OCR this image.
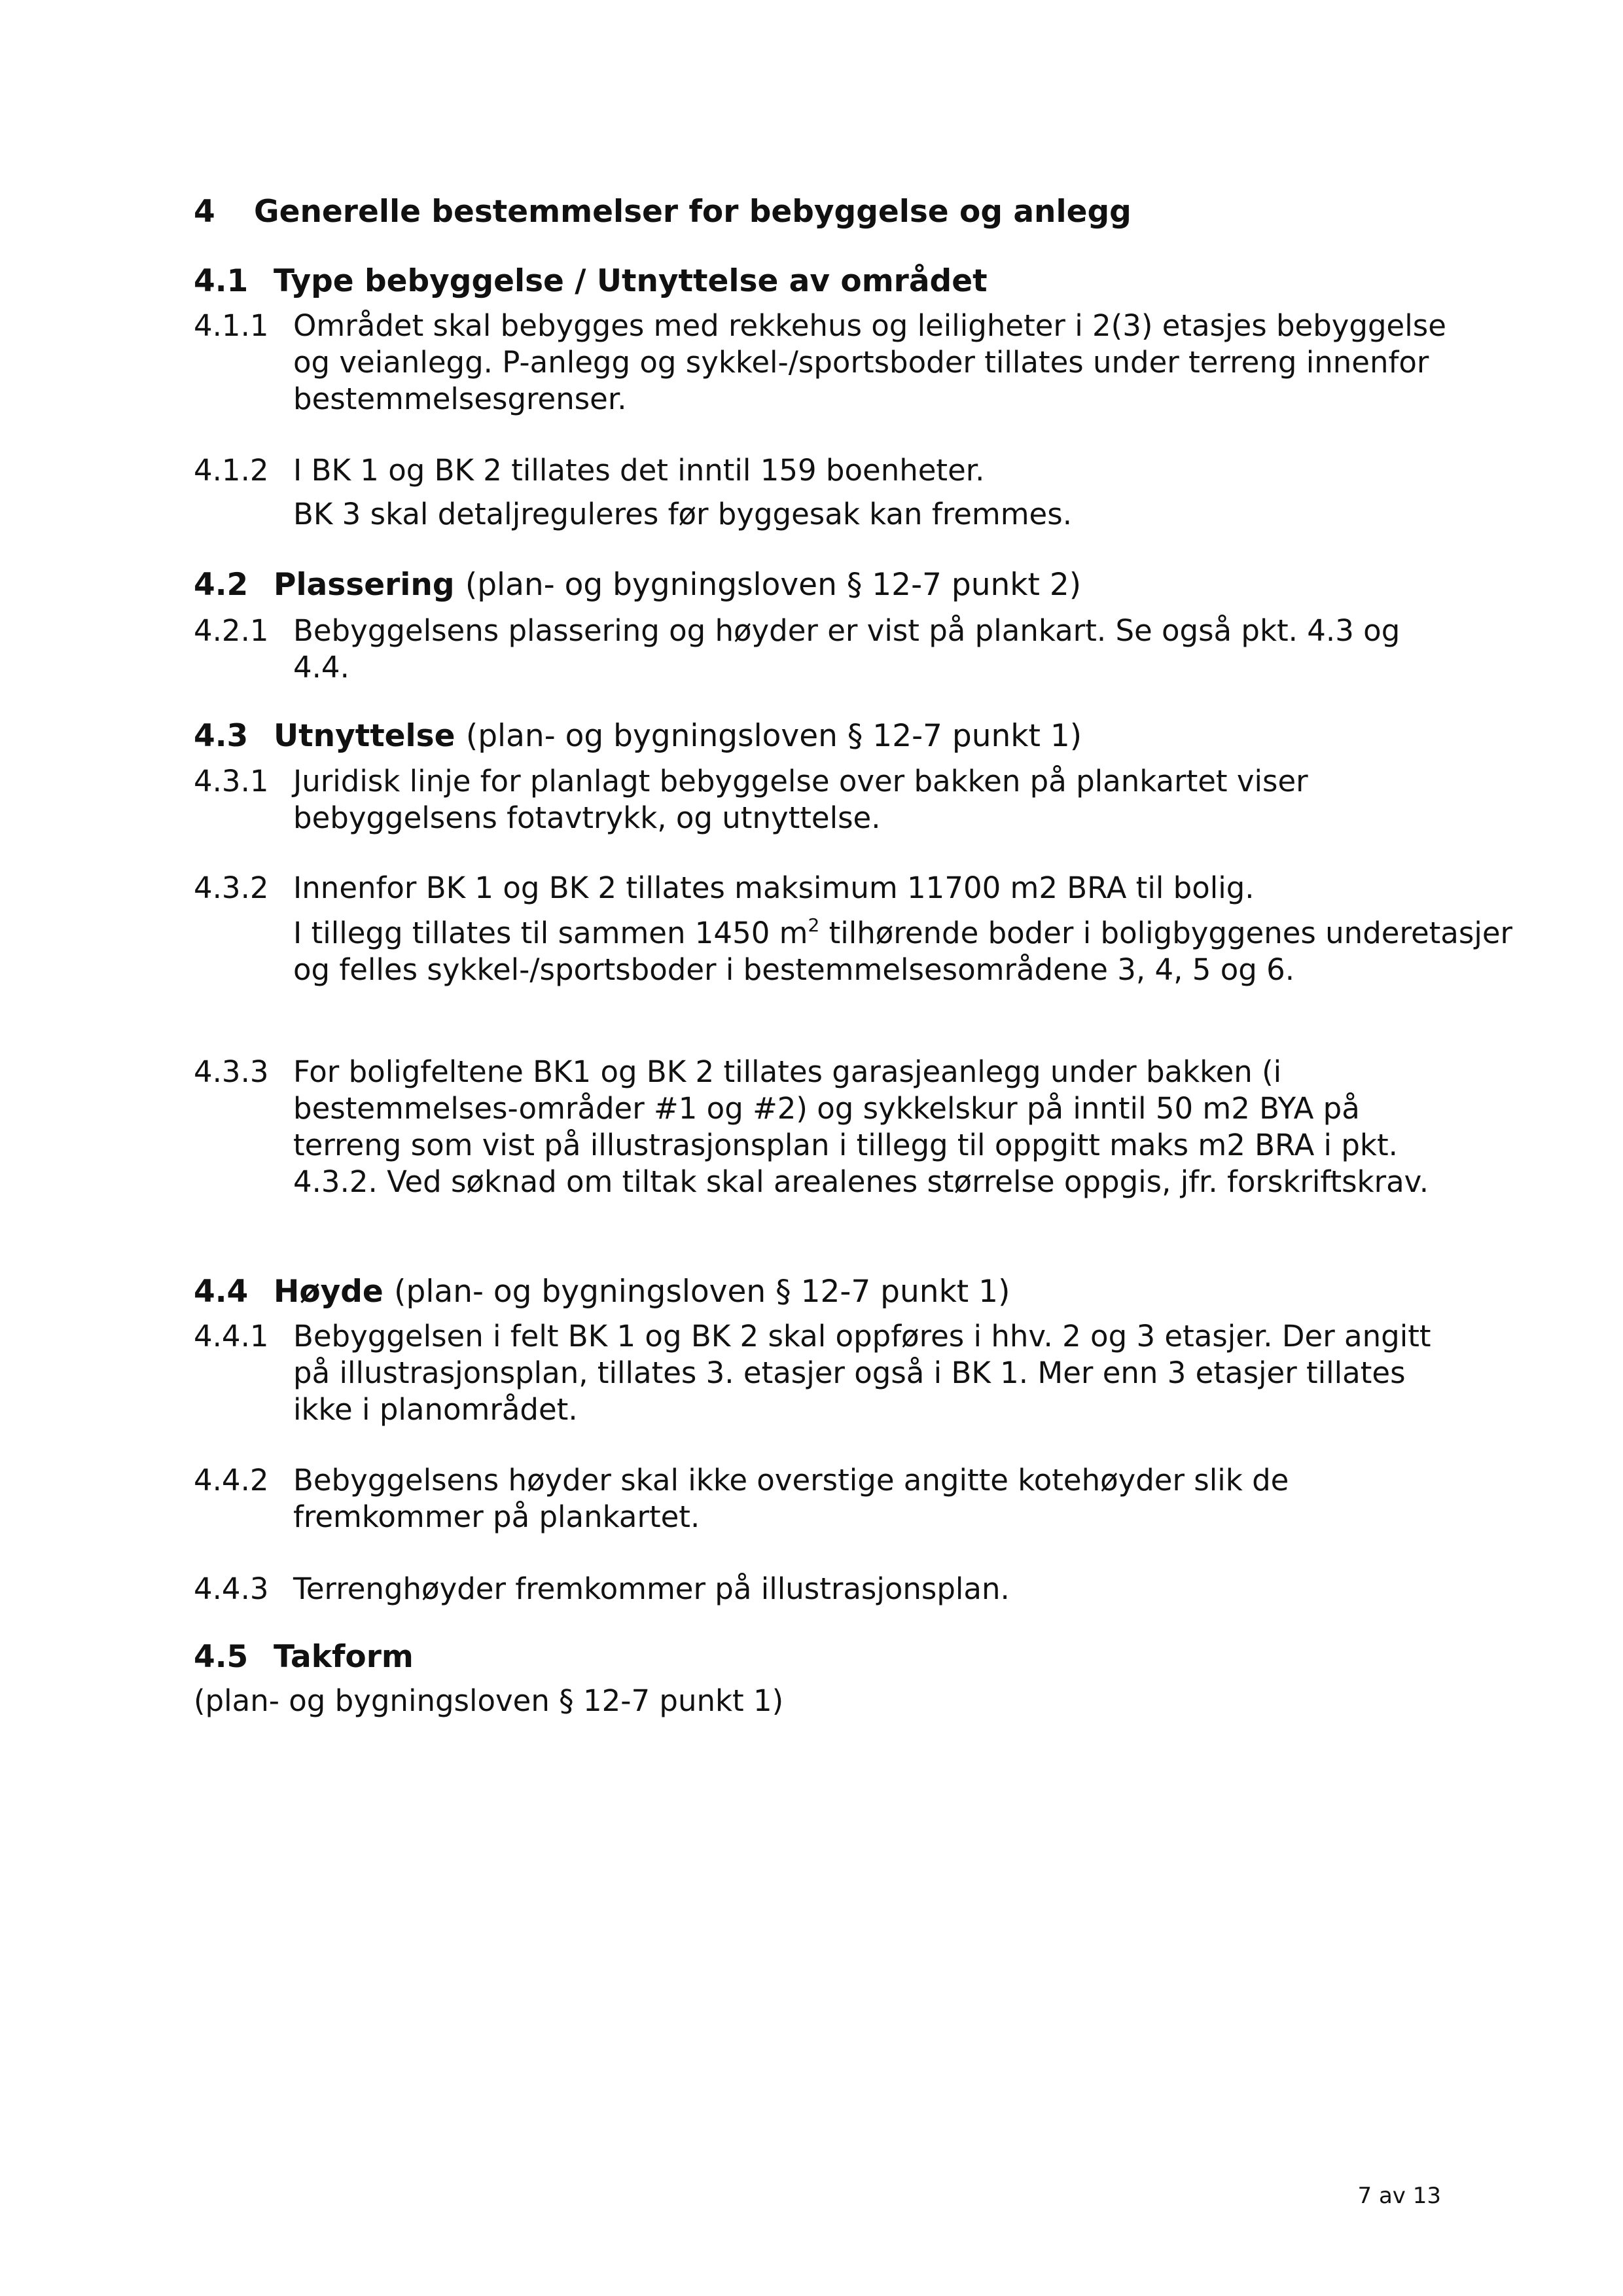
4 Generelle bestemmelser for bebyggelse og anlegg
4.1 Type bebyggelse / Utnyttelse av området
4.1.1 Området skal bebygges med rekkehus og leiligheter i 2(3) etasjes bebyggelse og veianlegg. P-anlegg og sykkel-/sportsboder tillates under terreng innenfor bestemmelsesgrenser.
4.1.2 I BK 1 og BK 2 tillates det inntil 159 boenheter.
BK 3 skal detaljreguleres før byggesak kan fremmes.
4.2 Plassering (plan- og bygningsloven § 12-7 punkt 2)
4.2.1 Bebyggelsens plassering og høyder er vist på plankart. Se også pkt. 4.3 og 4.4.
4.3 Utnyttelse (plan- og bygningsloven § 12-7 punkt 1)
4.3.1 Juridisk linje for planlagt bebyggelse over bakken på plankartet viser bebyggelsens fotavtrykk, og utnyttelse.
4.3.2 Innenfor BK 1 og BK 2 tillates maksimum 11700 m2 BRA til bolig.
I tillegg tillates til sammen 1450 $m^2$ tilhørende boder i boligbyggenes underetasjer og felles sykkel-/sportsboder i bestemmelsesområdene 3, 4, 5 og 6.
4.3.3 For boligfeltene BK1 og BK 2 tillates garasjeanlegg under bakken (i bestemmelses-områder #1 og #2) og sykkelskur på inntil 50 m2 BYA på terreng som vist på illustrasjonsplan i tillegg til oppgitt maks m2 BRA i pkt. 4.3.2. Ved søknad om tiltak skal arealenes størrelse oppgis, jfr. forskriftskrav.
4.4 Høyde (plan- og bygningsloven § 12-7 punkt 1)
4.4.1 Bebyggelsen i felt BK 1 og BK 2 skal oppføres i hhv. 2 og 3 etasjer. Der angitt på illustrasjonsplan, tillates 3. etasjer også i BK 1. Mer enn 3 etasjer tillates ikke i planområdet.
4.4.2 Bebyggelsens høyder skal ikke overstige angitte kotehøyder slik de fremkommer på plankartet.
4.4.3 Terrenghøyder fremkommer på illustrasjonsplan.
4.5 Takform
(plan- og bygningsloven § 12-7 punkt 1)
7 av 13
